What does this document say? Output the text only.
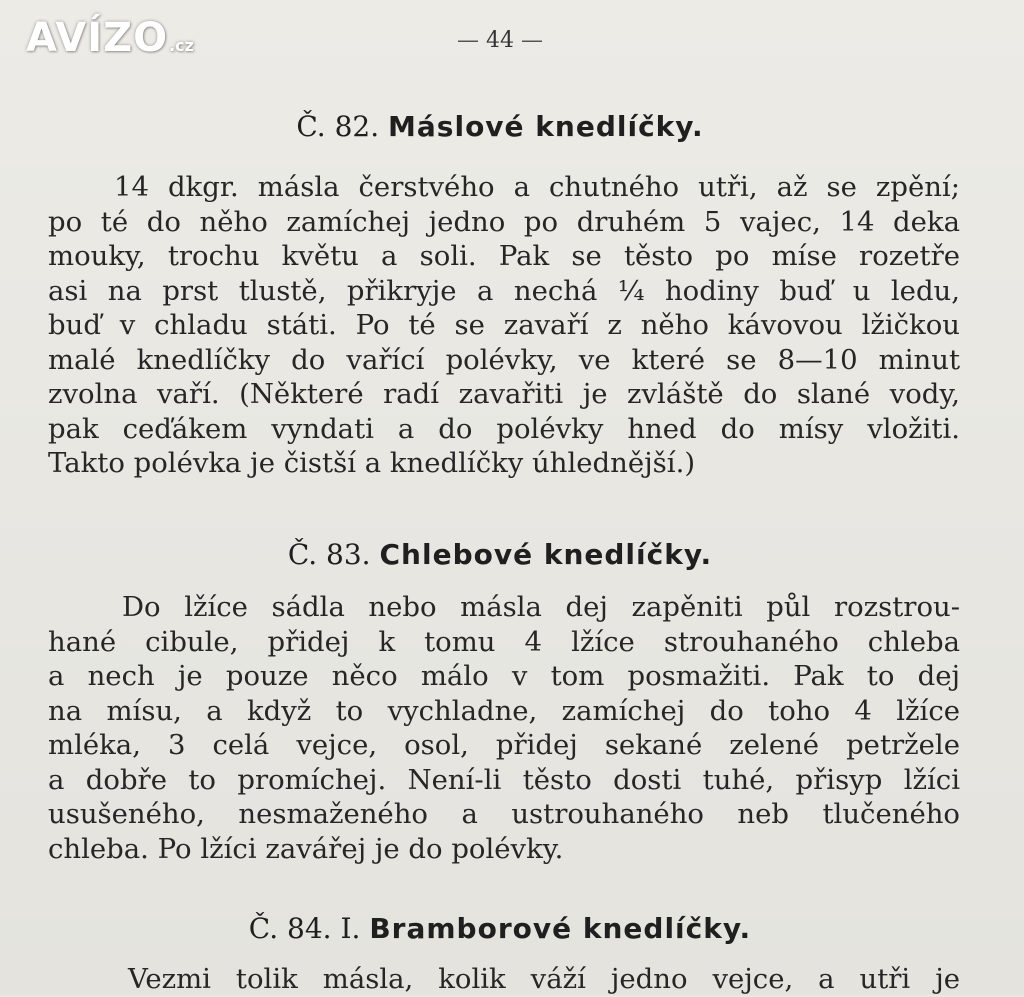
AVÍZO.cz	— 44 —
Č. 82. Máslové knedlíčky.
14 dkgr. másla čerstvého a chutného utři, až se zpění;
po té do něho zamíchej jedno po druhém 5 vajec, 14 deka
mouky, trochu květu a soli. Pak se těsto po míse rozetře
asi na prst tlustě, přikryje a nechá ¼ hodiny buď u ledu,
buď v chladu státi. Po té se zavaří z něho kávovou lžičkou
malé knedlíčky do vařící polévky, ve které se 8—10 minut
zvolna vaří. (Některé radí zavařiti je zvláště do slané vody,
pak ceďákem vyndati a do polévky hned do mísy vložiti.
Takto polévka je čistší a knedlíčky úhlednější.)
Č. 83. Chlebové knedlíčky.
Do lžíce sádla nebo másla dej zapěniti půl rozstrou-
hané cibule, přidej k tomu 4 lžíce strouhaného chleba
a nech je pouze něco málo v tom posmažiti. Pak to dej
na mísu, a když to vychladne, zamíchej do toho 4 lžíce
mléka, 3 celá vejce, osol, přidej sekané zelené petržele
a dobře to promíchej. Není-li těsto dosti tuhé, přisyp lžíci
usušeného, nesmaženého a ustrouhaného neb tlučeného
chleba. Po lžíci zavářej je do polévky.
Č. 84. I. Bramborové knedlíčky.
Vezmi tolik másla, kolik váží jedno vejce, a utři je
